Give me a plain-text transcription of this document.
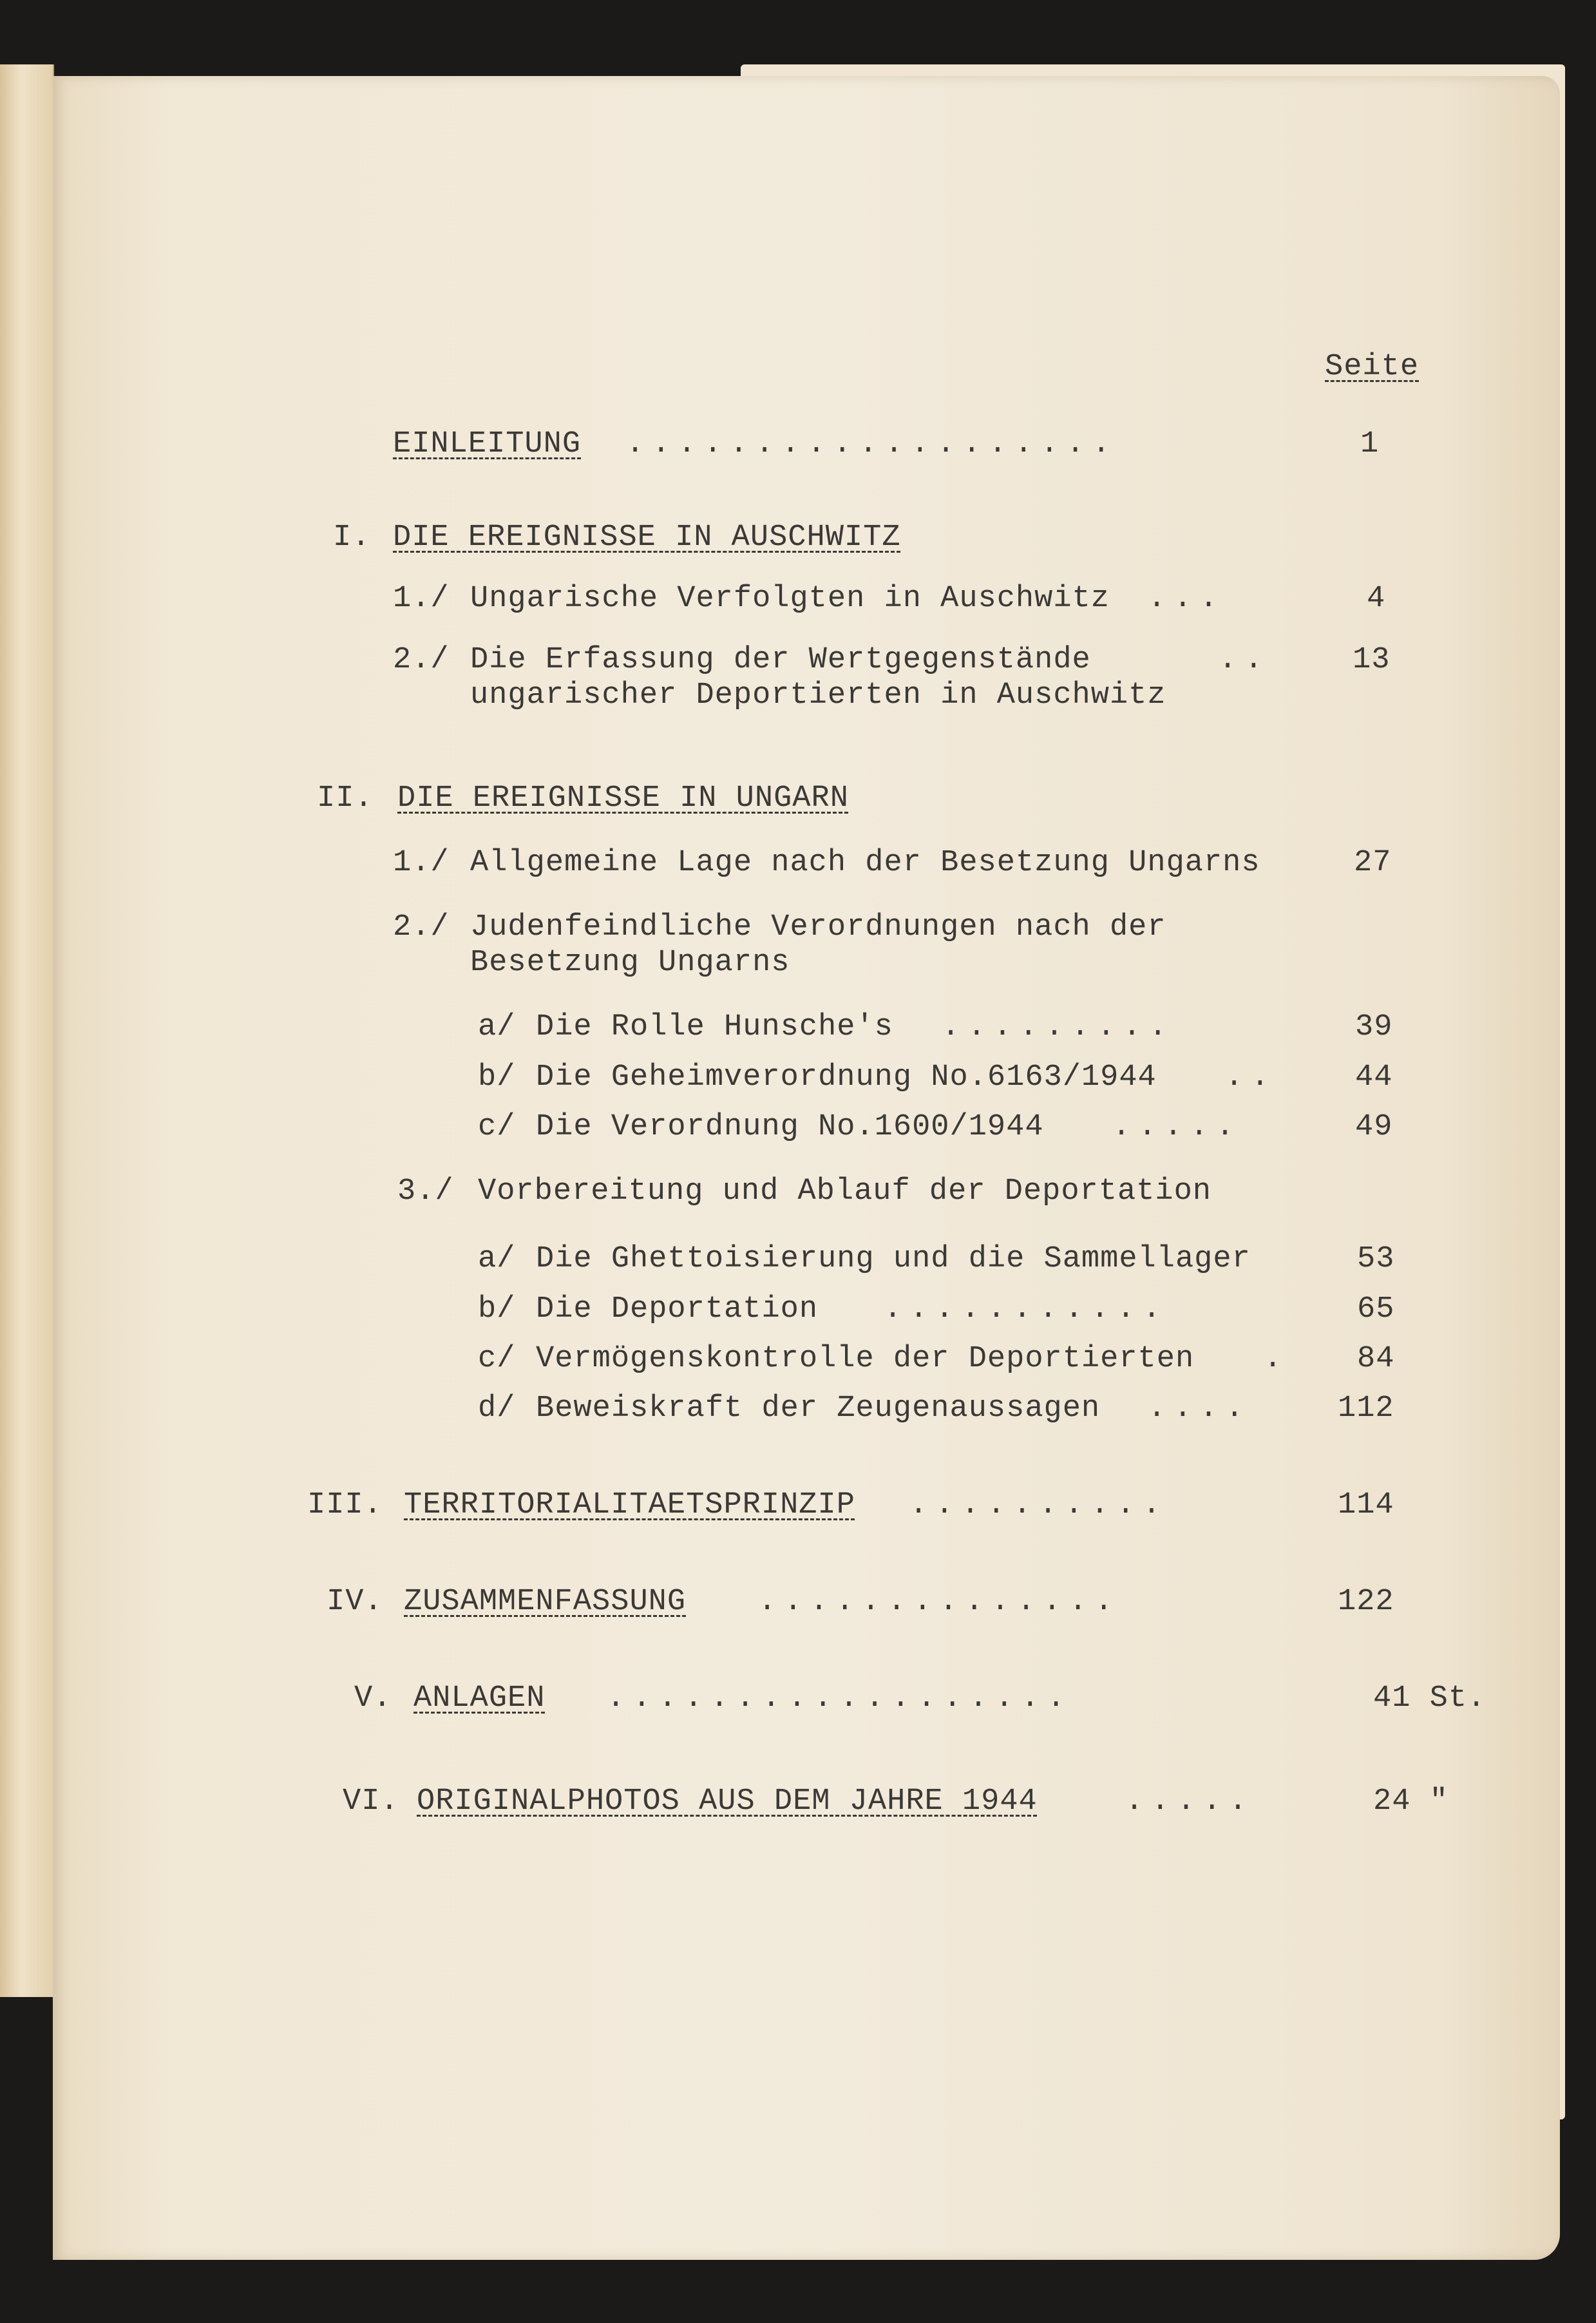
Seite
EINLEITUNG ...................	1
I. DIE EREIGNISSE IN AUSCHWITZ
1./ Ungarische Verfolgten in Auschwitz ...	4
2./ Die Erfassung der Wertgegenstände	..	13
ungarischer Deportierten in Auschwitz
II. DIE EREIGNISSE IN UNGARN
1./ Allgemeine Lage nach der Besetzung Ungarns	27
2./ Judenfeindliche Verordnungen nach der
Besetzung Ungarns
a/ Die Rolle Hunsche's .........	39
b/ Die Geheimverordnung No.6163/1944 ..	44
c/ Die Verordnung No.1600/1944 .....	49
3./ Vorbereitung und Ablauf der Deportation
a/ Die Ghettoisierung und die Sammellager	53
b/ Die Deportation ...........	65
c/ Vermögenskontrolle der Deportierten . 84
d/ Beweiskraft der Zeugenaussagen ....	112
III. TERRITORIALITAETSPRINZIP ..........	114
IV. ZUSAMMENFASSUNG ..............	122
V. ANLAGEN ..................	41 St.
VI. ORIGINALPHOTOS AUS DEM JAHRE 1944	.....	24 "
